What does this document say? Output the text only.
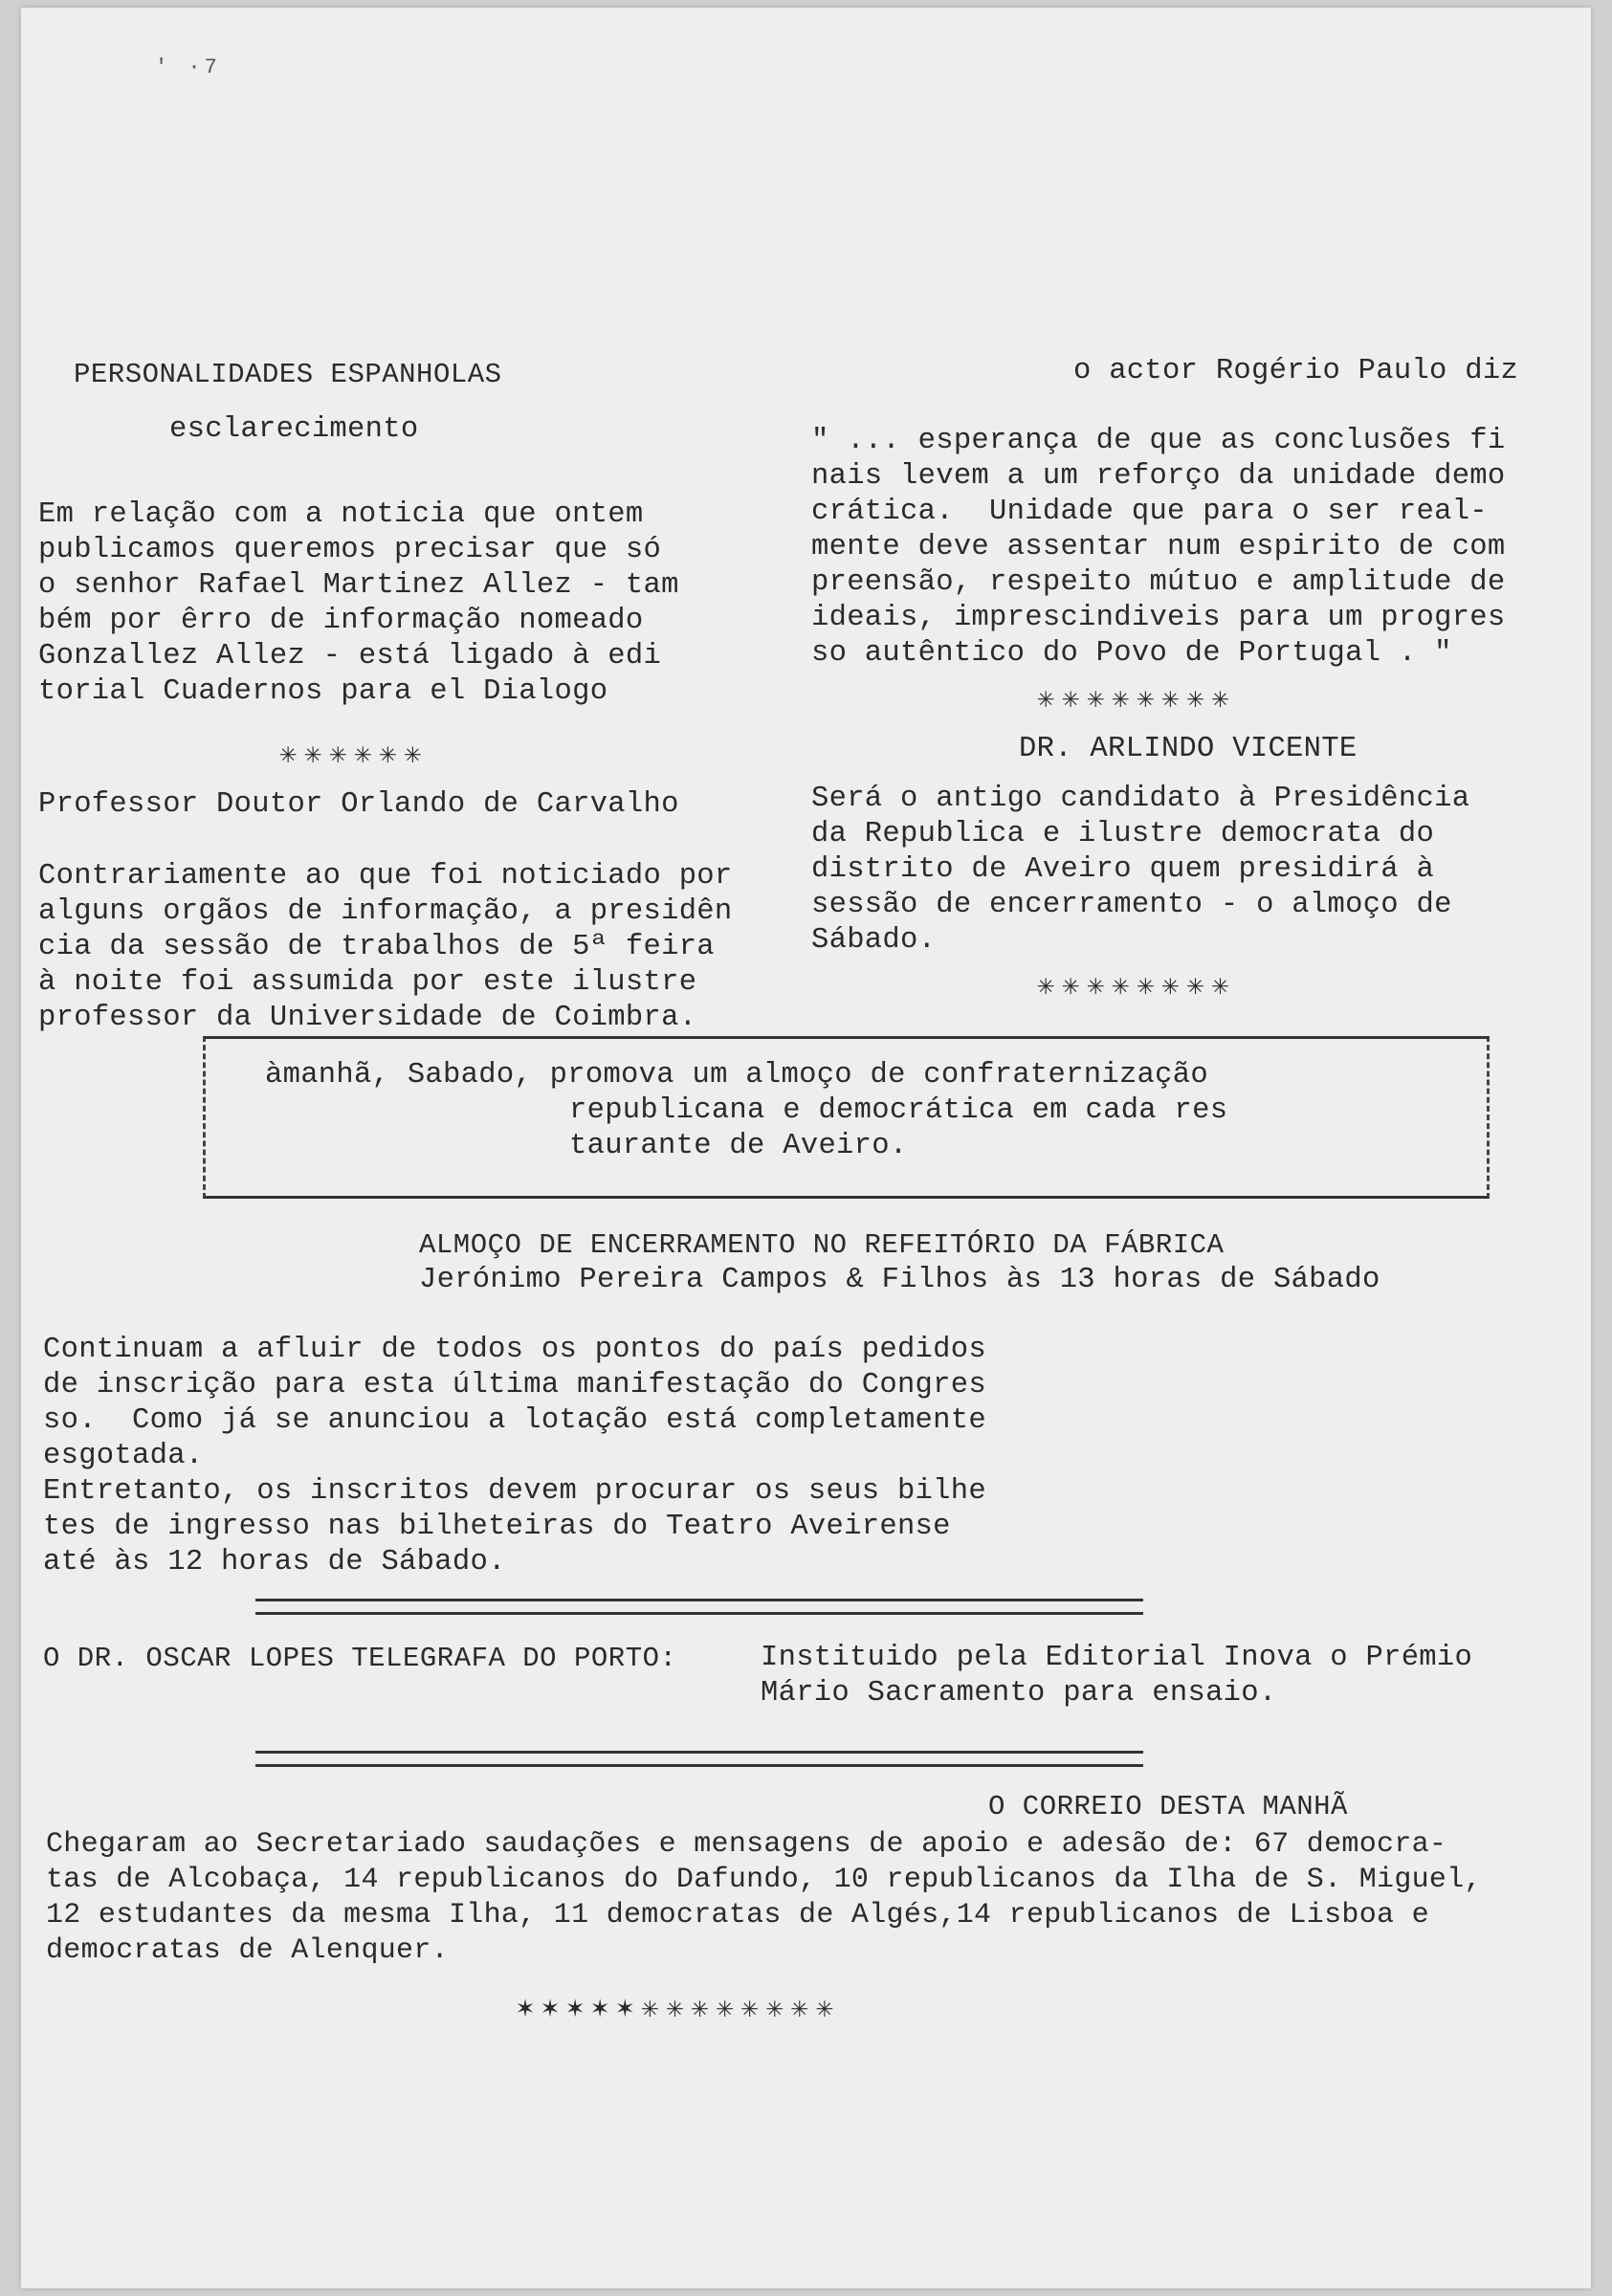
' ·7
PERSONALIDADES ESPANHOLAS
esclarecimento
Em relação com a noticia que ontem
publicamos queremos precisar que só
o senhor Rafael Martinez Allez - tam
bém por êrro de informação nomeado
Gonzallez Allez - está ligado à edi
torial Cuadernos para el Dialogo
✳✳✳✳✳✳
Professor Doutor Orlando de Carvalho
Contrariamente ao que foi noticiado por
alguns orgãos de informação, a presidên
cia da sessão de trabalhos de 5ª feira
à noite foi assumida por este ilustre
professor da Universidade de Coimbra.
o actor Rogério Paulo diz
" ... esperança de que as conclusões fi
nais levem a um reforço da unidade demo
crática.  Unidade que para o ser real-
mente deve assentar num espirito de com
preensão, respeito mútuo e amplitude de
ideais, imprescindiveis para um progres
so autêntico do Povo de Portugal . "
✳✳✳✳✳✳✳✳
DR. ARLINDO VICENTE
Será o antigo candidato à Presidência
da Republica e ilustre democrata do
distrito de Aveiro quem presidirá à
sessão de encerramento - o almoço de
Sábado.
✳✳✳✳✳✳✳✳
àmanhã, Sabado, promova um almoço de confraternização
republicana e democrática em cada res
taurante de Aveiro.
ALMOÇO DE ENCERRAMENTO NO REFEITÓRIO DA FÁBRICA
Jerónimo Pereira Campos & Filhos às 13 horas de Sábado
Continuam a afluir de todos os pontos do país pedidos
de inscrição para esta última manifestação do Congres
so.  Como já se anunciou a lotação está completamente
esgotada.
Entretanto, os inscritos devem procurar os seus bilhe
tes de ingresso nas bilheteiras do Teatro Aveirense
até às 12 horas de Sábado.
O DR. OSCAR LOPES TELEGRAFA DO PORTO:	Instituido pela Editorial Inova o Prémio
Mário Sacramento para ensaio.
O CORREIO DESTA MANHÃ
Chegaram ao Secretariado saudações e mensagens de apoio e adesão de: 67 democra-
tas de Alcobaça, 14 republicanos do Dafundo, 10 republicanos da Ilha de S. Miguel,
12 estudantes da mesma Ilha, 11 democratas de Algés,14 republicanos de Lisboa e
democratas de Alenquer.
✶✶✶✶✶✳✳✳✳✳✳✳✳
